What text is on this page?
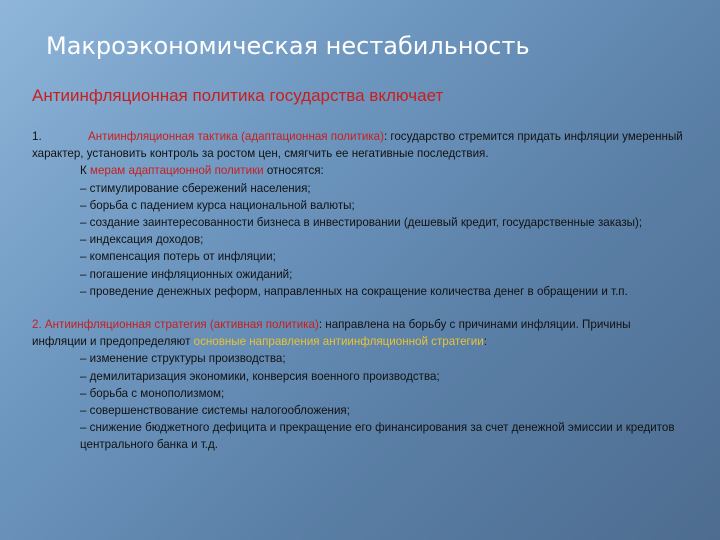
Макроэкономическая нестабильность
Антиинфляционная политика государства включает

1.	Антиинфляционная тактика (адаптационная политика): государство стремится придать инфляции умеренный характер, установить контроль за ростом цен, смягчить ее негативные последствия.

К мерам адаптационной политики относятся:

– стимулирование сбережений населения;

– борьба с падением курса национальной валюты;

– создание заинтересованности бизнеса в инвестировании (дешевый кредит, государственные заказы);

– индексация доходов;

– компенсация потерь от инфляции;

– погашение инфляционных ожиданий;

– проведение денежных реформ, направленных на сокращение количества денег в обращении и т.п.

2. Антиинфляционная стратегия (активная политика): направлена на борьбу с причинами инфляции. Причины инфляции и предопределяют основные направления антиинфляционной стратегии:

– изменение структуры производства;

– демилитаризация экономики, конверсия военного производства;

– борьба с монополизмом;

– совершенствование системы налогообложения;

– снижение бюджетного дефицита и прекращение его финансирования за счет денежной эмиссии и кредитов центрального банка и т.д.
